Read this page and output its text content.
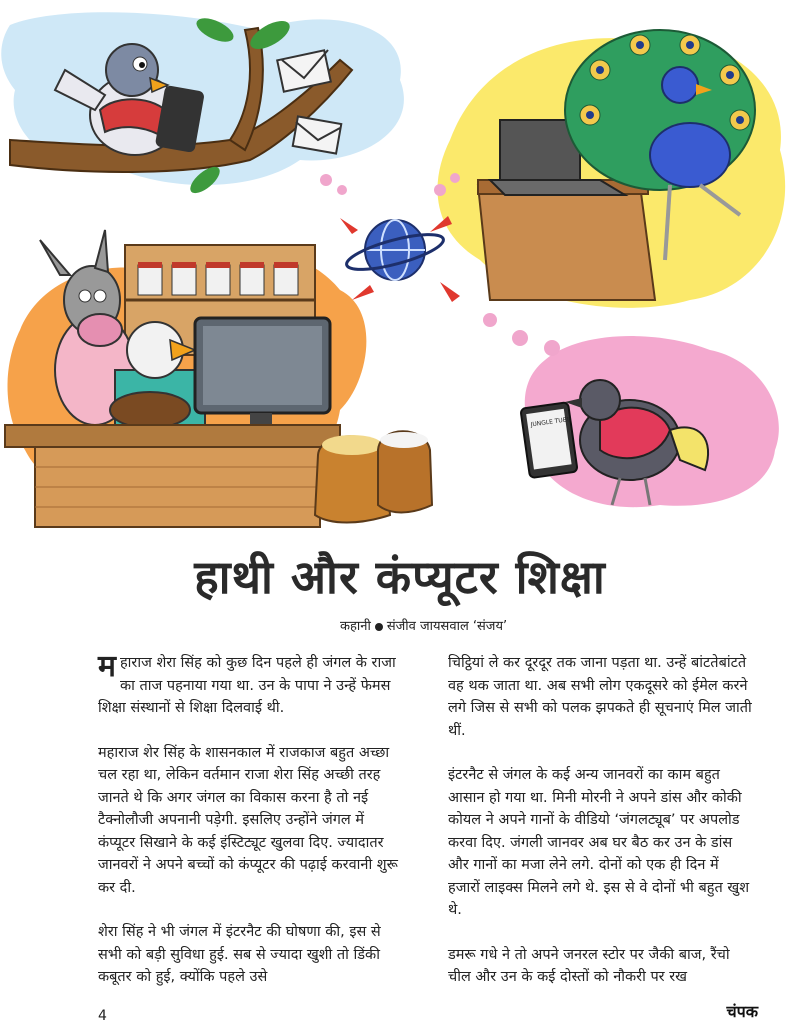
JUNGLE TUBE
हाथी और कंप्यूटर शिक्षा
कहानी संजीव जायसवाल ‘संजय’

महाराज शेरा सिंह को कुछ दिन पहले ही जंगल के राजा का ताज पहनाया गया था. उन के पापा ने उन्हें फेमस शिक्षा संस्थानों से शिक्षा दिलवाई थी.

महाराज शेर सिंह के शासनकाल में राजकाज बहुत अच्छा चल रहा था, लेकिन वर्तमान राजा शेरा सिंह अच्छी तरह जानते थे कि अगर जंगल का विकास करना है तो नई टैक्नोलौजी अपनानी पड़ेगी. इसलिए उन्होंने जंगल में कंप्यूटर सिखाने के कई इंस्टिट्यूट खुलवा दिए. ज्यादातर जानवरों ने अपने बच्चों को कंप्यूटर की पढ़ाई करवानी शुरू कर दी.

शेरा सिंह ने भी जंगल में इंटरनैट की घोषणा की, इस से सभी को बड़ी सुविधा हुई. सब से ज्यादा खुशी तो डिंकी कबूतर को हुई, क्योंकि पहले उसे

चिट्ठियां ले कर दूरदूर तक जाना पड़ता था. उन्हें बांटतेबांटते वह थक जाता था. अब सभी लोग एकदूसरे को ईमेल करने लगे जिस से सभी को पलक झपकते ही सूचनाएं मिल जाती थीं.

इंटरनैट से जंगल के कई अन्य जानवरों का काम बहुत आसान हो गया था. मिनी मोरनी ने अपने डांस और कोकी कोयल ने अपने गानों के वीडियो ‘जंगलट्यूब’ पर अपलोड करवा दिए. जंगली जानवर अब घर बैठ कर उन के डांस और गानों का मजा लेने लगे. दोनों को एक ही दिन में हजारों लाइक्स मिलने लगे थे. इस से वे दोनों भी बहुत खुश थे.

डमरू गधे ने तो अपने जनरल स्टोर पर जैकी बाज, रैंचो चील और उन के कई दोस्तों को नौकरी पर रख

4	चंपक
